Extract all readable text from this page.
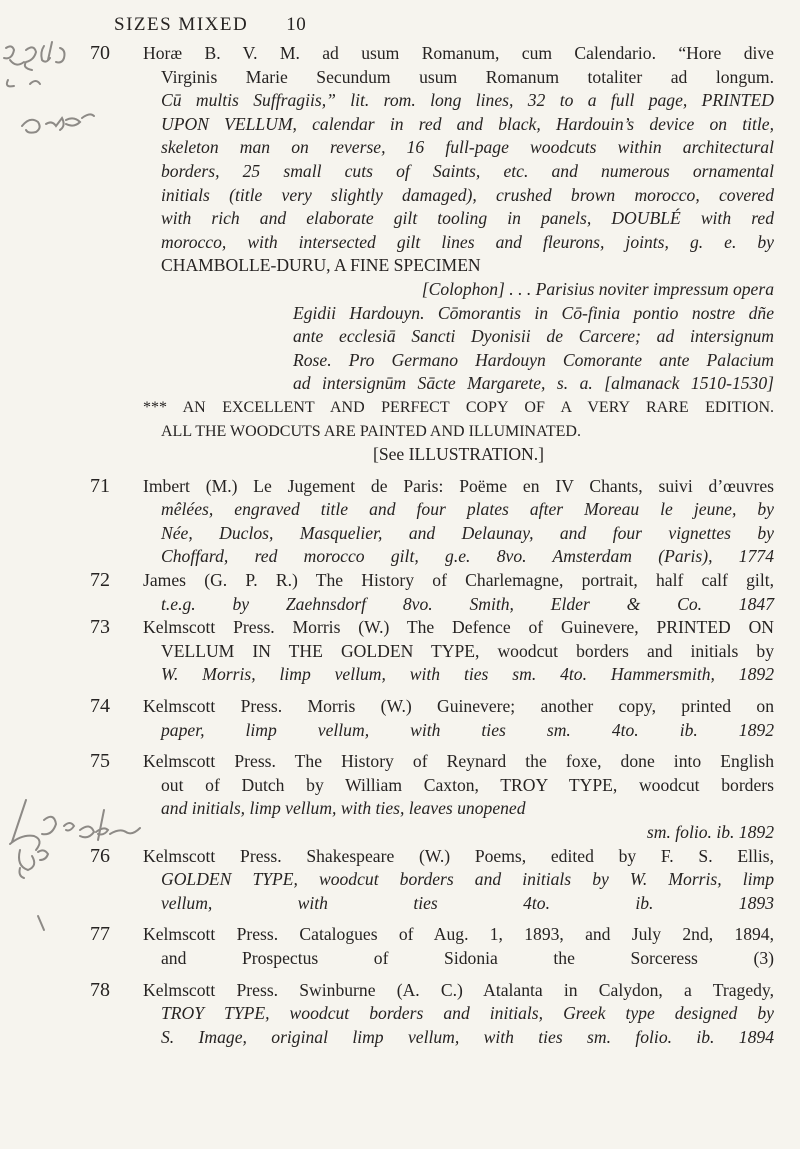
SIZES MIXED 10
70 Horæ B. V. M. ad usum Romanum, cum Calendario. “Hore dive
Virginis Marie Secundum usum Romanum totaliter ad longum.
Cū multis Suffragiis,” lit. rom. long lines, 32 to a full page, PRINTED
UPON VELLUM, calendar in red and black, Hardouin’s device on title,
skeleton man on reverse, 16 full-page woodcuts within architectural
borders, 25 small cuts of Saints, etc. and numerous ornamental
initials (title very slightly damaged), crushed brown morocco, covered
with rich and elaborate gilt tooling in panels, DOUBLÉ with red
morocco, with intersected gilt lines and fleurons, joints, g. e. by
CHAMBOLLE-DURU, A FINE SPECIMEN
[Colophon] . . . Parisius noviter impressum opera
Egidii Hardouyn. Cōmorantis in Cō-finia pontio nostre dñe
ante ecclesiā Sancti Dyonisii de Carcere; ad intersignum
Rose. Pro Germano Hardouyn Comorante ante Palacium
ad intersignūm Sācte Margarete, s. a. [almanack 1510-1530]
*** AN EXCELLENT AND PERFECT COPY OF A VERY RARE EDITION.
ALL THE WOODCUTS ARE PAINTED AND ILLUMINATED.
[See ILLUSTRATION.]
71 Imbert (M.) Le Jugement de Paris: Poëme en IV Chants, suivi d’œuvres
mêlées, engraved title and four plates after Moreau le jeune, by
Née, Duclos, Masquelier, and Delaunay, and four vignettes by
Choffard, red morocco gilt, g.e. 8vo. Amsterdam (Paris), 1774
72 James (G. P. R.) The History of Charlemagne, portrait, half calf gilt,
t.e.g. by Zaehnsdorf 8vo. Smith, Elder & Co. 1847
73 Kelmscott Press. Morris (W.) The Defence of Guinevere, PRINTED ON
VELLUM IN THE GOLDEN TYPE, woodcut borders and initials by
W. Morris, limp vellum, with ties sm. 4to. Hammersmith, 1892
74 Kelmscott Press. Morris (W.) Guinevere; another copy, printed on
paper, limp vellum, with ties sm. 4to. ib. 1892
75 Kelmscott Press. The History of Reynard the foxe, done into English
out of Dutch by William Caxton, TROY TYPE, woodcut borders
and initials, limp vellum, with ties, leaves unopened
sm. folio. ib. 1892
76 Kelmscott Press. Shakespeare (W.) Poems, edited by F. S. Ellis,
GOLDEN TYPE, woodcut borders and initials by W. Morris, limp
vellum, with ties 4to. ib. 1893
77 Kelmscott Press. Catalogues of Aug. 1, 1893, and July 2nd, 1894,
and Prospectus of Sidonia the Sorceress (3)
78 Kelmscott Press. Swinburne (A. C.) Atalanta in Calydon, a Tragedy,
TROY TYPE, woodcut borders and initials, Greek type designed by
S. Image, original limp vellum, with ties sm. folio. ib. 1894
